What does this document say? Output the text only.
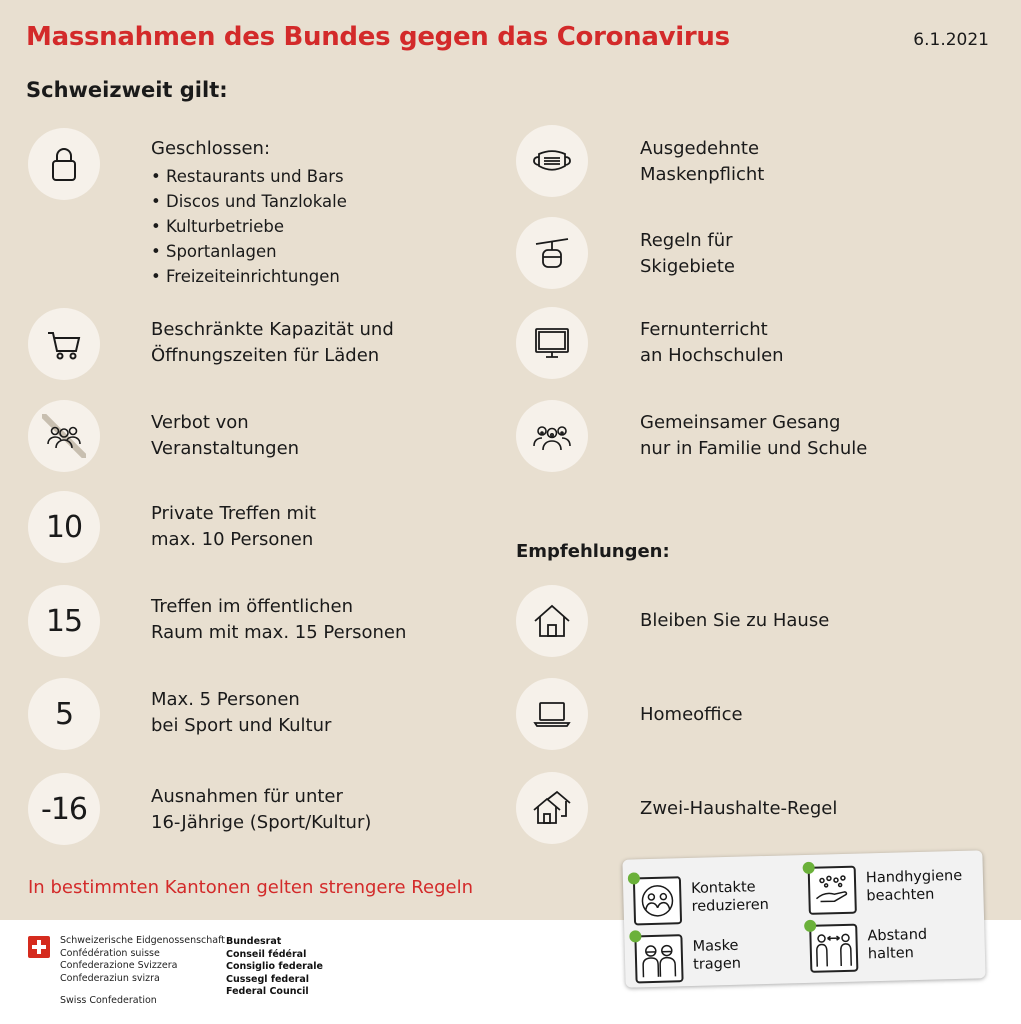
Massnahmen des Bundes gegen das Coronavirus	6.1.2021
Schweizweit gilt:
Geschlossen:
• Restaurants und Bars
• Discos und Tanzlokale
• Kulturbetriebe
• Sportanlagen
• Freizeiteinrichtungen
Beschränkte Kapazität und
Öffnungszeiten für Läden
Verbot von
Veranstaltungen
10	Private Treffen mit
max. 10 Personen
15	Treffen im öffentlichen
Raum mit max. 15 Personen
5	Max. 5 Personen
bei Sport und Kultur
-16	Ausnahmen für unter
16-Jährige (Sport/Kultur)
Ausgedehnte
Maskenpflicht
Regeln für
Skigebiete
Fernunterricht
an Hochschulen
Gemeinsamer Gesang
nur in Familie und Schule
Empfehlungen:
Bleiben Sie zu Hause
Homeoffice
Zwei-Haushalte-Regel
In bestimmten Kantonen gelten strengere Regeln
Schweizerische Eidgenossenschaft
Confédération suisse
Confederazione Svizzera
Confederaziun svizra
Swiss Confederation
Bundesrat
Conseil fédéral
Consiglio federale
Cussegl federal
Federal Council
Kontakte
reduzieren
Handhygiene
beachten
Maske
tragen
Abstand
halten
